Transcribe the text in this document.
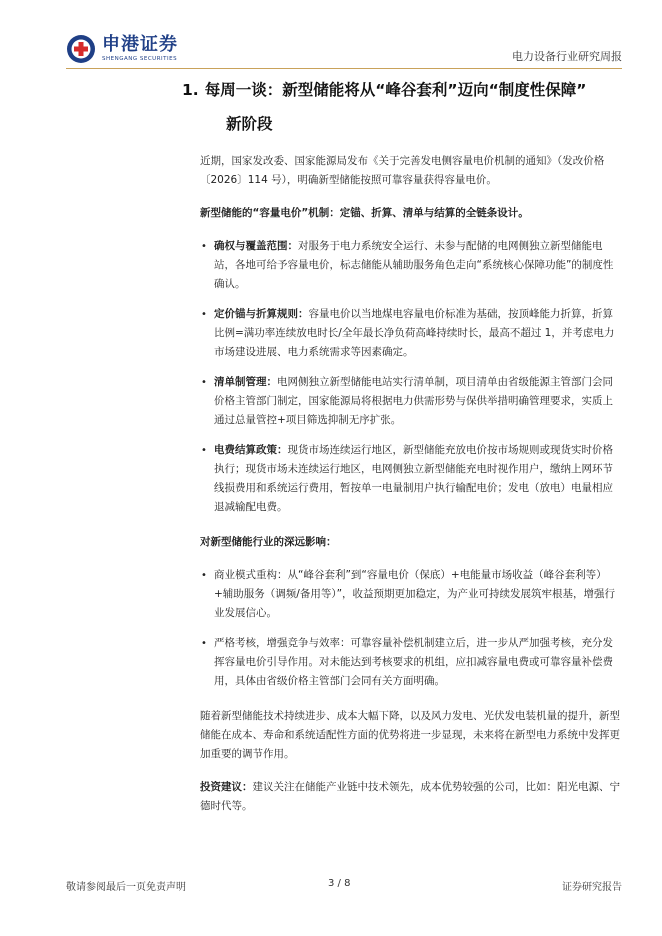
申港证券
SHENGANG SECURITIES	电力设备行业研究周报
1. 每周一谈：新型储能将从“峰谷套利”迈向“制度性保障”
新阶段

近期，国家发改委、国家能源局发布《关于完善发电侧容量电价机制的通知》（发改价格〔2026〕114 号），明确新型储能按照可靠容量获得容量电价。

新型储能的“容量电价”机制：定锚、折算、清单与结算的全链条设计。

• 确权与覆盖范围：对服务于电力系统安全运行、未参与配储的电网侧独立新型储能电站，各地可给予容量电价，标志储能从辅助服务角色走向“系统核心保障功能”的制度性确认。
• 定价锚与折算规则：容量电价以当地煤电容量电价标准为基础，按顶峰能力折算，折算比例=满功率连续放电时长/全年最长净负荷高峰持续时长，最高不超过 1，并考虑电力市场建设进展、电力系统需求等因素确定。
• 清单制管理：电网侧独立新型储能电站实行清单制，项目清单由省级能源主管部门会同价格主管部门制定，国家能源局将根据电力供需形势与保供举措明确管理要求，实质上通过总量管控+项目筛选抑制无序扩张。
• 电费结算政策：现货市场连续运行地区，新型储能充放电价按市场规则或现货实时价格执行；现货市场未连续运行地区，电网侧独立新型储能充电时视作用户，缴纳上网环节线损费用和系统运行费用，暂按单一电量制用户执行输配电价；发电（放电）电量相应退减输配电费。

对新型储能行业的深远影响：

• 商业模式重构：从“峰谷套利”到“容量电价（保底）+电能量市场收益（峰谷套利等）+辅助服务（调频/备用等）”，收益预期更加稳定，为产业可持续发展筑牢根基，增强行业发展信心。
• 严格考核，增强竞争与效率：可靠容量补偿机制建立后，进一步从严加强考核，充分发挥容量电价引导作用。对未能达到考核要求的机组，应扣减容量电费或可靠容量补偿费用，具体由省级价格主管部门会同有关方面明确。

随着新型储能技术持续进步、成本大幅下降，以及风力发电、光伏发电装机量的提升，新型储能在成本、寿命和系统适配性方面的优势将进一步显现，未来将在新型电力系统中发挥更加重要的调节作用。

投资建议：建议关注在储能产业链中技术领先，成本优势较强的公司，比如：阳光电源、宁德时代等。

敬请参阅最后一页免责声明	3 / 8	证券研究报告
